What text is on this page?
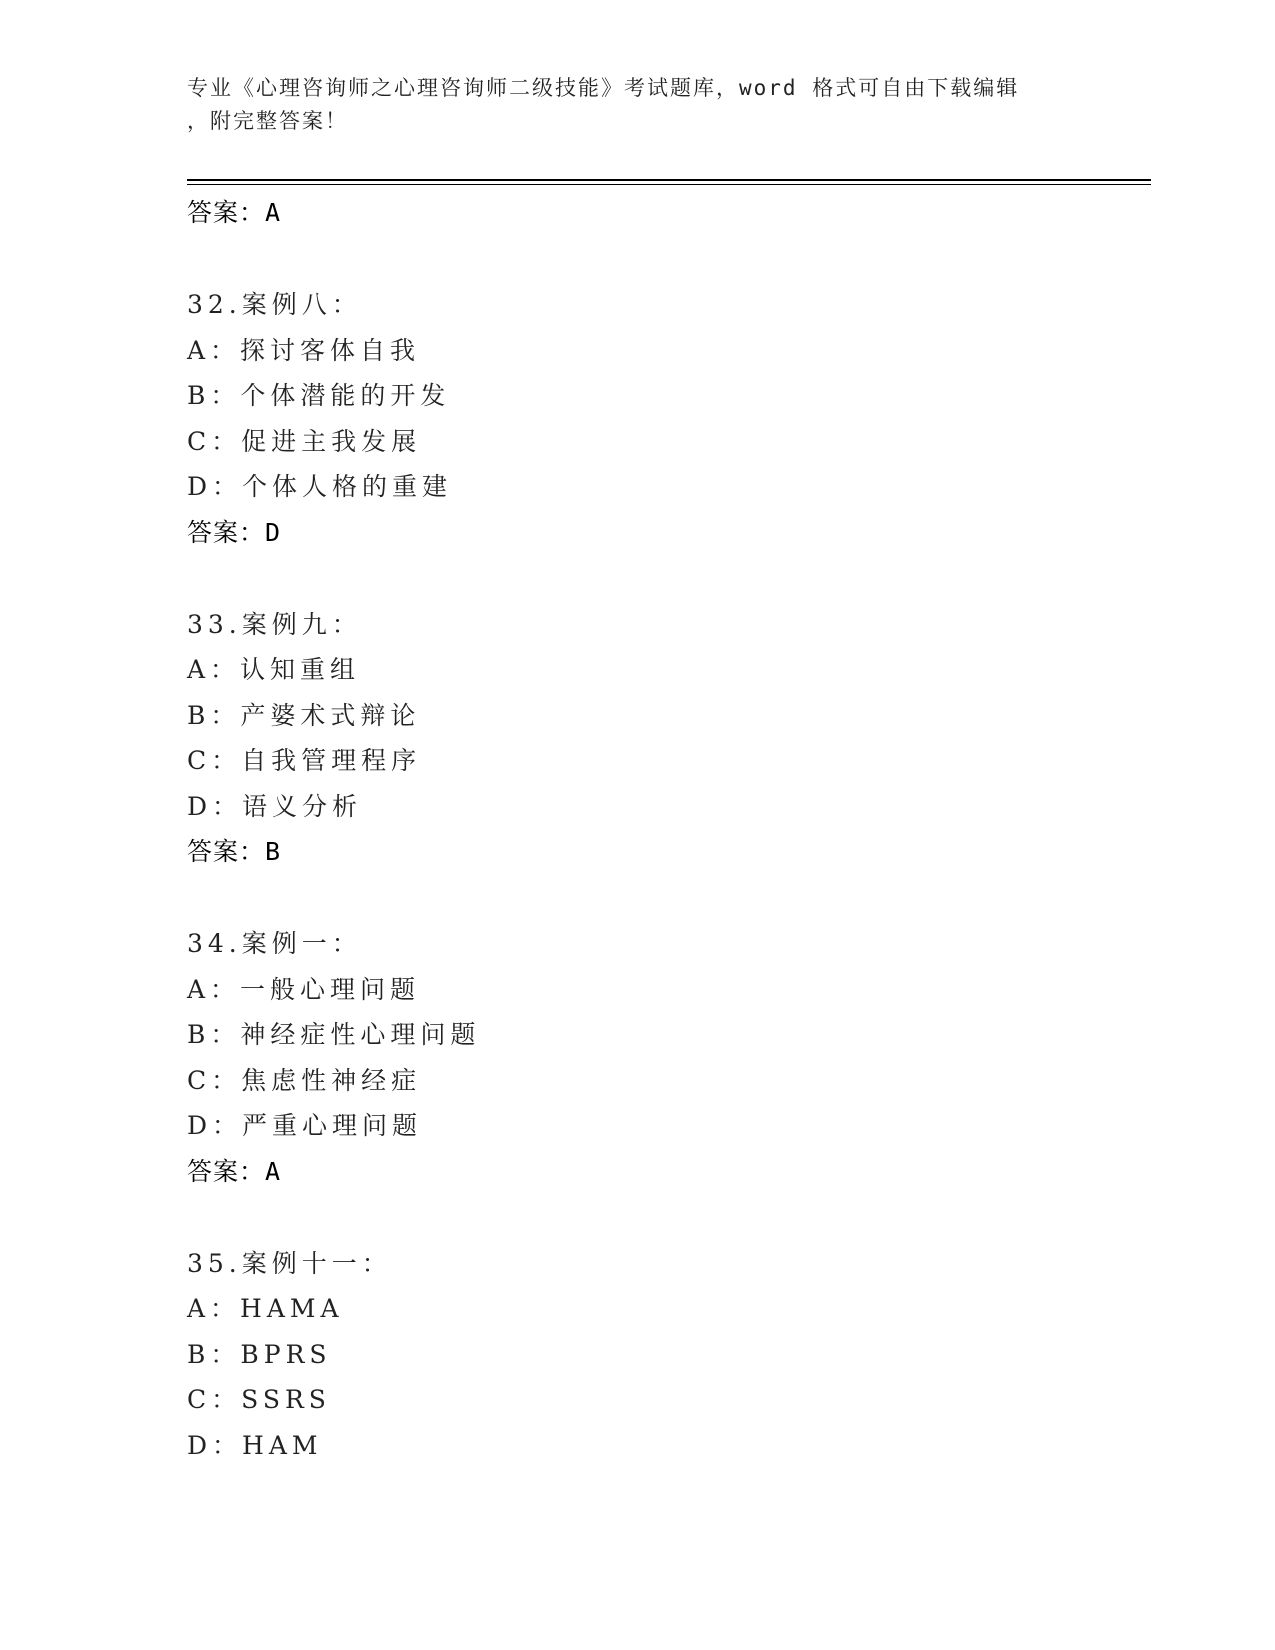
专业《心理咨询师之心理咨询师二级技能》考试题库，word 格式可自由下载编辑
，附完整答案！
答案：A
32.案例八：
A：探讨客体自我
B：个体潜能的开发
C：促进主我发展
D：个体人格的重建
答案：D
33.案例九：
A：认知重组
B：产婆术式辩论
C：自我管理程序
D：语义分析
答案：B
34.案例一：
A：一般心理问题
B：神经症性心理问题
C：焦虑性神经症
D：严重心理问题
答案：A
35.案例十一：
A：HAMA
B：BPRS
C：SSRS
D：HAM
